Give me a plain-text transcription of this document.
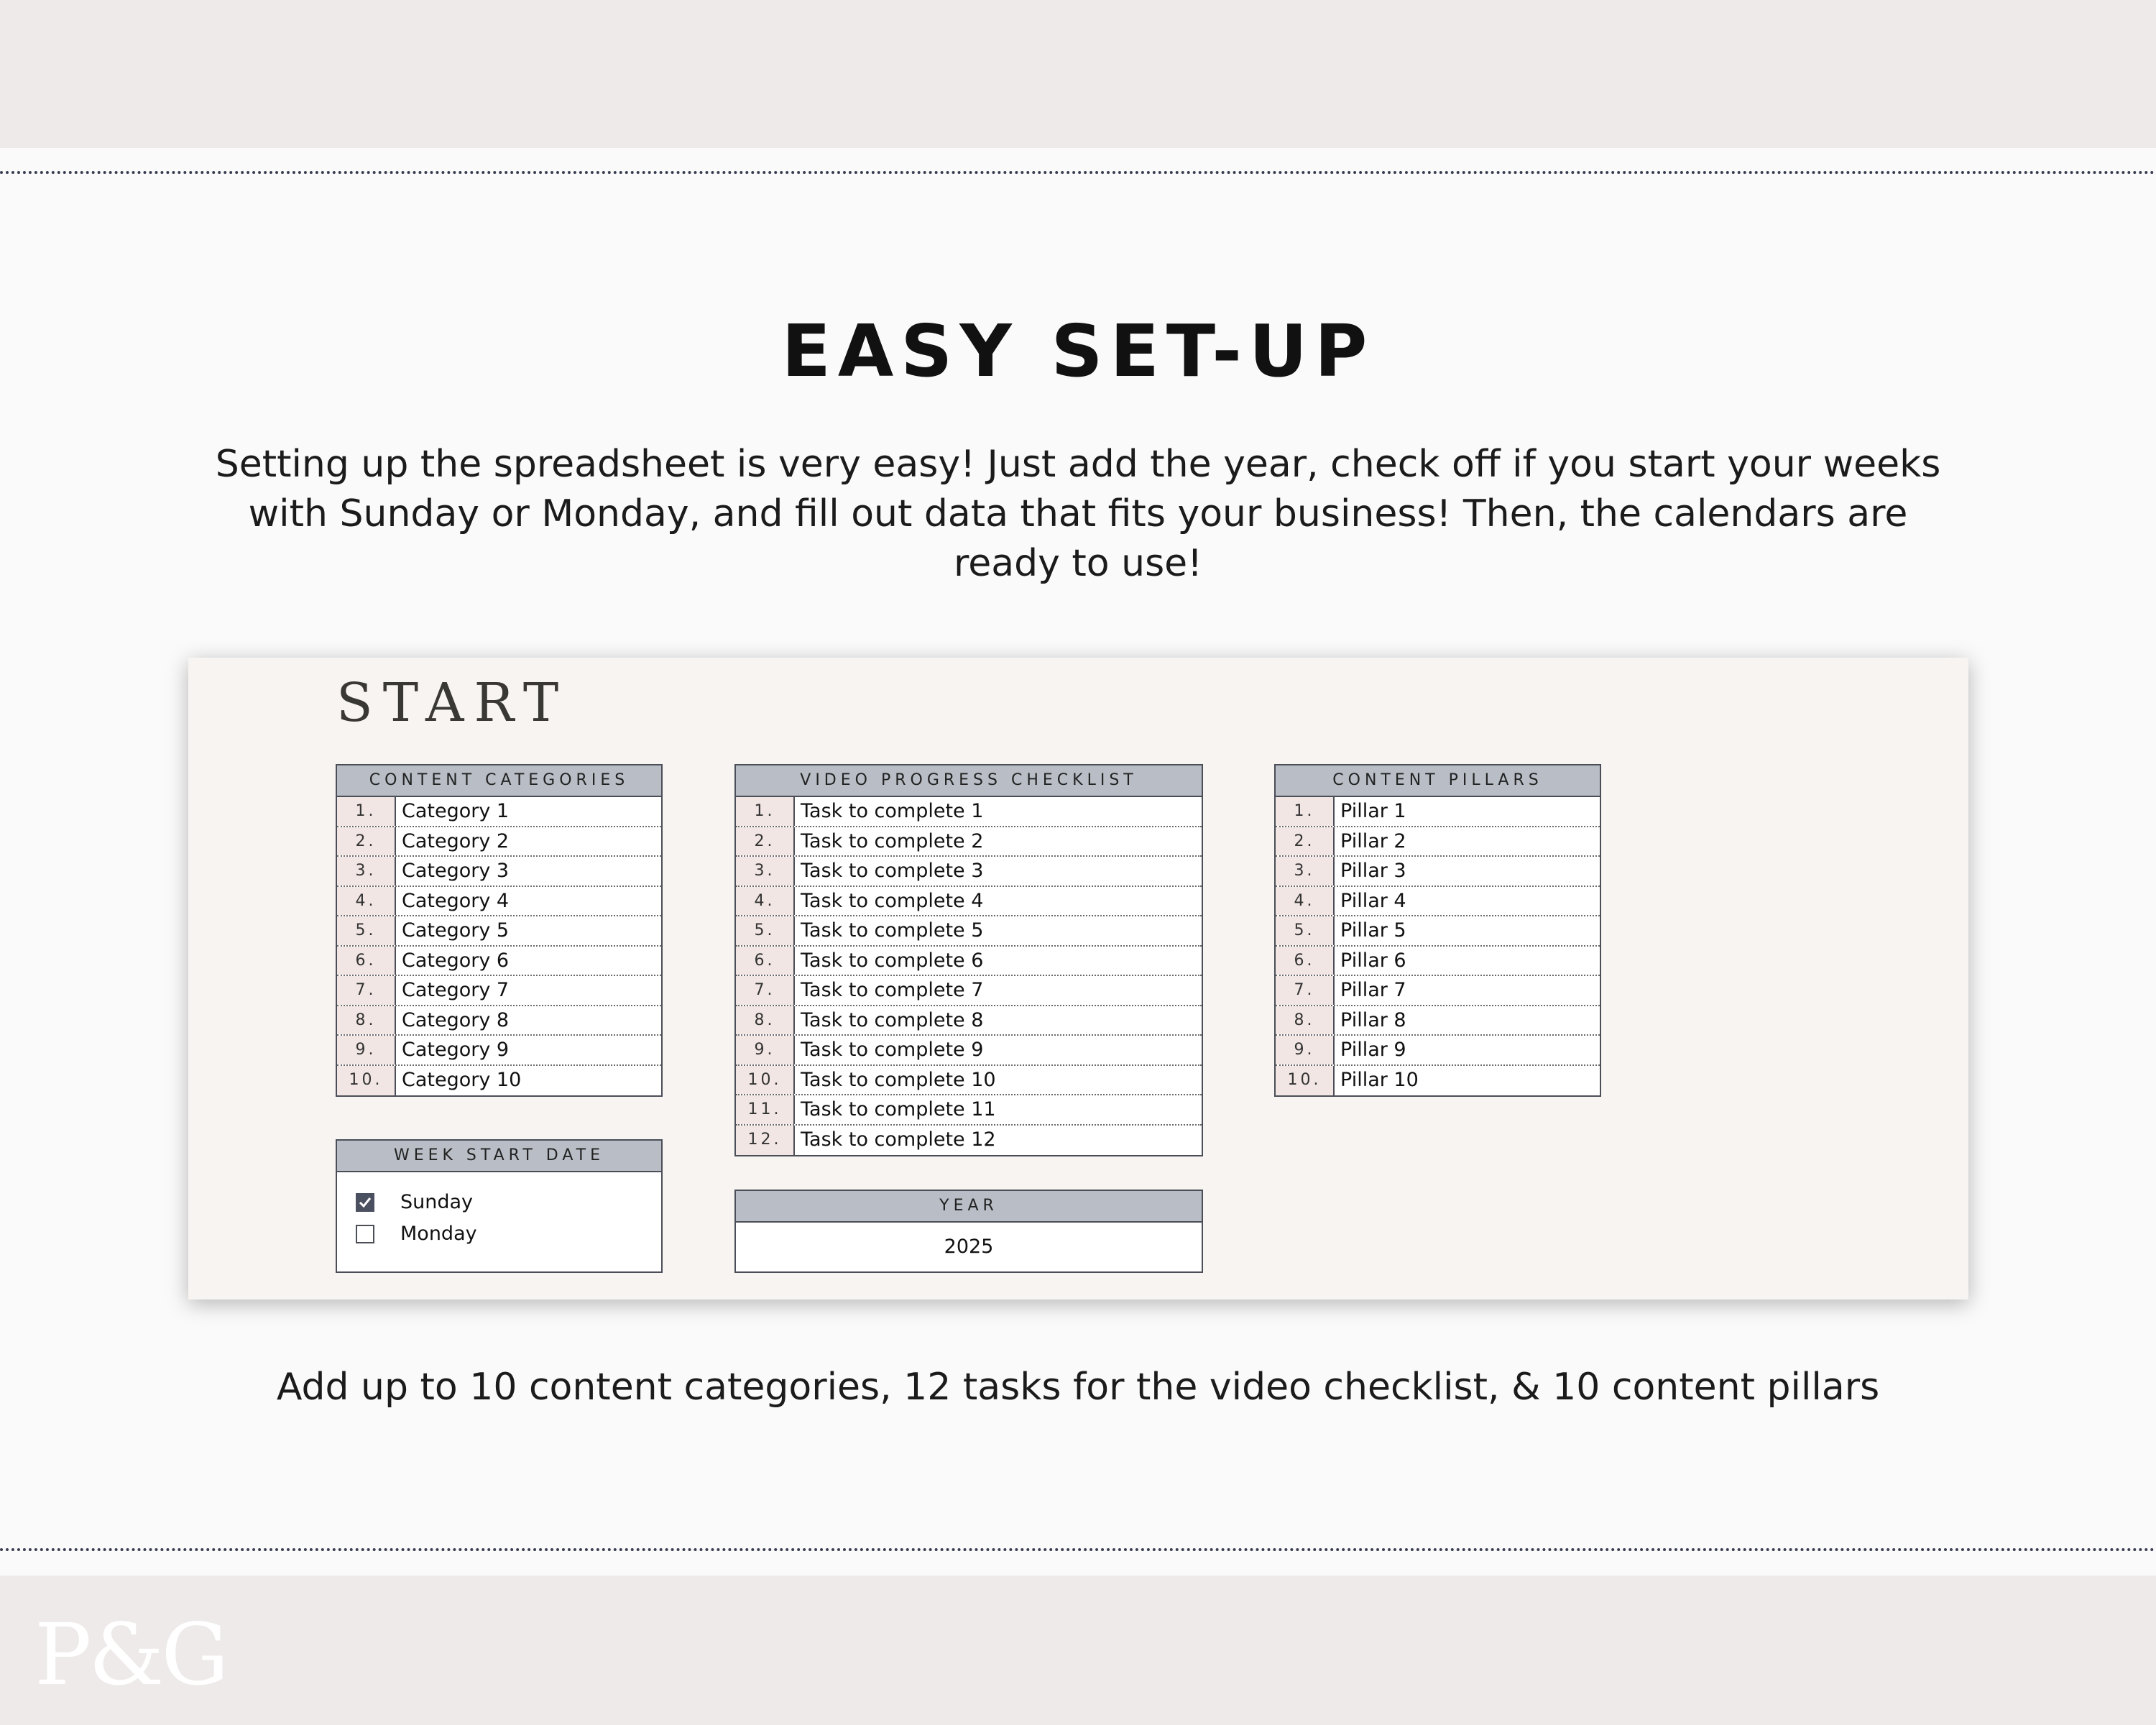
EASY SET-UP
Setting up the spreadsheet is very easy! Just add the year, check off if you start your weeks
with Sunday or Monday, and fill out data that fits your business! Then, the calendars are
ready to use!
START
CONTENT CATEGORIES
1.	Category 1
2.	Category 2
3.	Category 3
4.	Category 4
5.	Category 5
6.	Category 6
7.	Category 7
8.	Category 8
9.	Category 9
10. Category 10
WEEK START DATE
Sunday
Monday
VIDEO PROGRESS CHECKLIST
1.	Task to complete 1
2.	Task to complete 2
3.	Task to complete 3
4.	Task to complete 4
5.	Task to complete 5
6.	Task to complete 6
7.	Task to complete 7
8.	Task to complete 8
9.	Task to complete 9
10. Task to complete 10
11. Task to complete 11
12. Task to complete 12
YEAR
2025
CONTENT PILLARS
1.	Pillar 1
2.	Pillar 2
3.	Pillar 3
4.	Pillar 4
5.	Pillar 5
6.	Pillar 6
7.	Pillar 7
8.	Pillar 8
9.	Pillar 9
10. Pillar 10
Add up to 10 content categories, 12 tasks for the video checklist, & 10 content pillars
P&G
